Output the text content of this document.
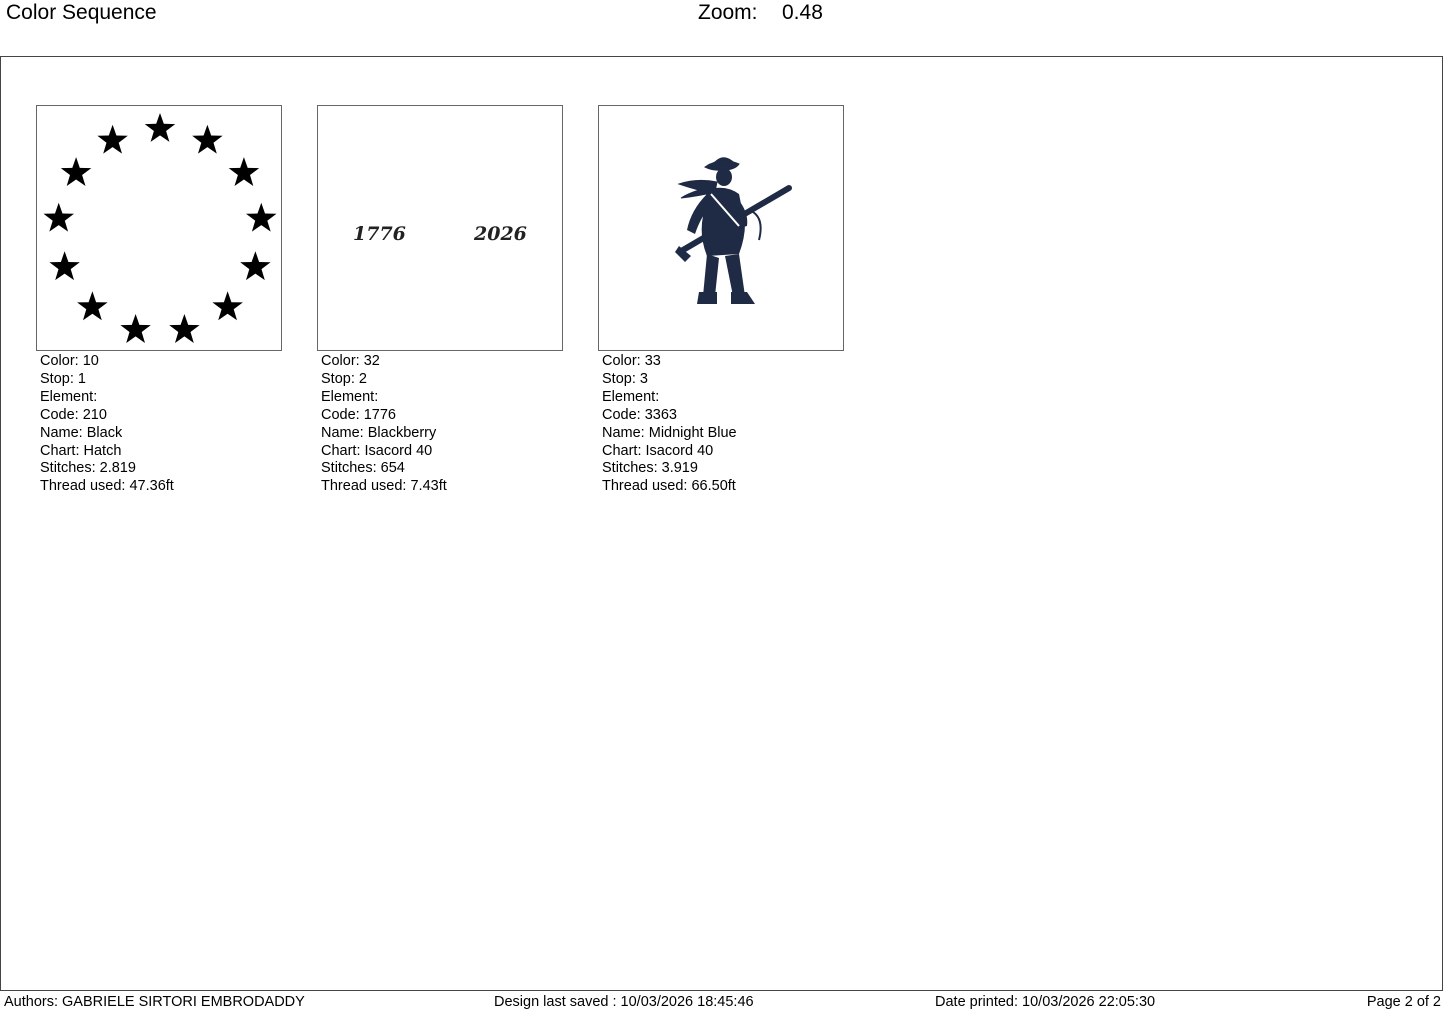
Color Sequence	Zoom: 0.48
Color: 10
Stop: 1
Element:
Code: 210
Name: Black
Chart: Hatch
Stitches: 2.819
Thread used: 47.36ft
1776	2026
Color: 32
Stop: 2
Element:
Code: 1776
Name: Blackberry
Chart: Isacord 40
Stitches: 654
Thread used: 7.43ft
Color: 33
Stop: 3
Element:
Code: 3363
Name: Midnight Blue
Chart: Isacord 40
Stitches: 3.919
Thread used: 66.50ft
Authors: GABRIELE SIRTORI EMBRODADDY	Design last saved : 10/03/2026 18:45:46	Date printed: 10/03/2026 22:05:30	Page 2 of 2
